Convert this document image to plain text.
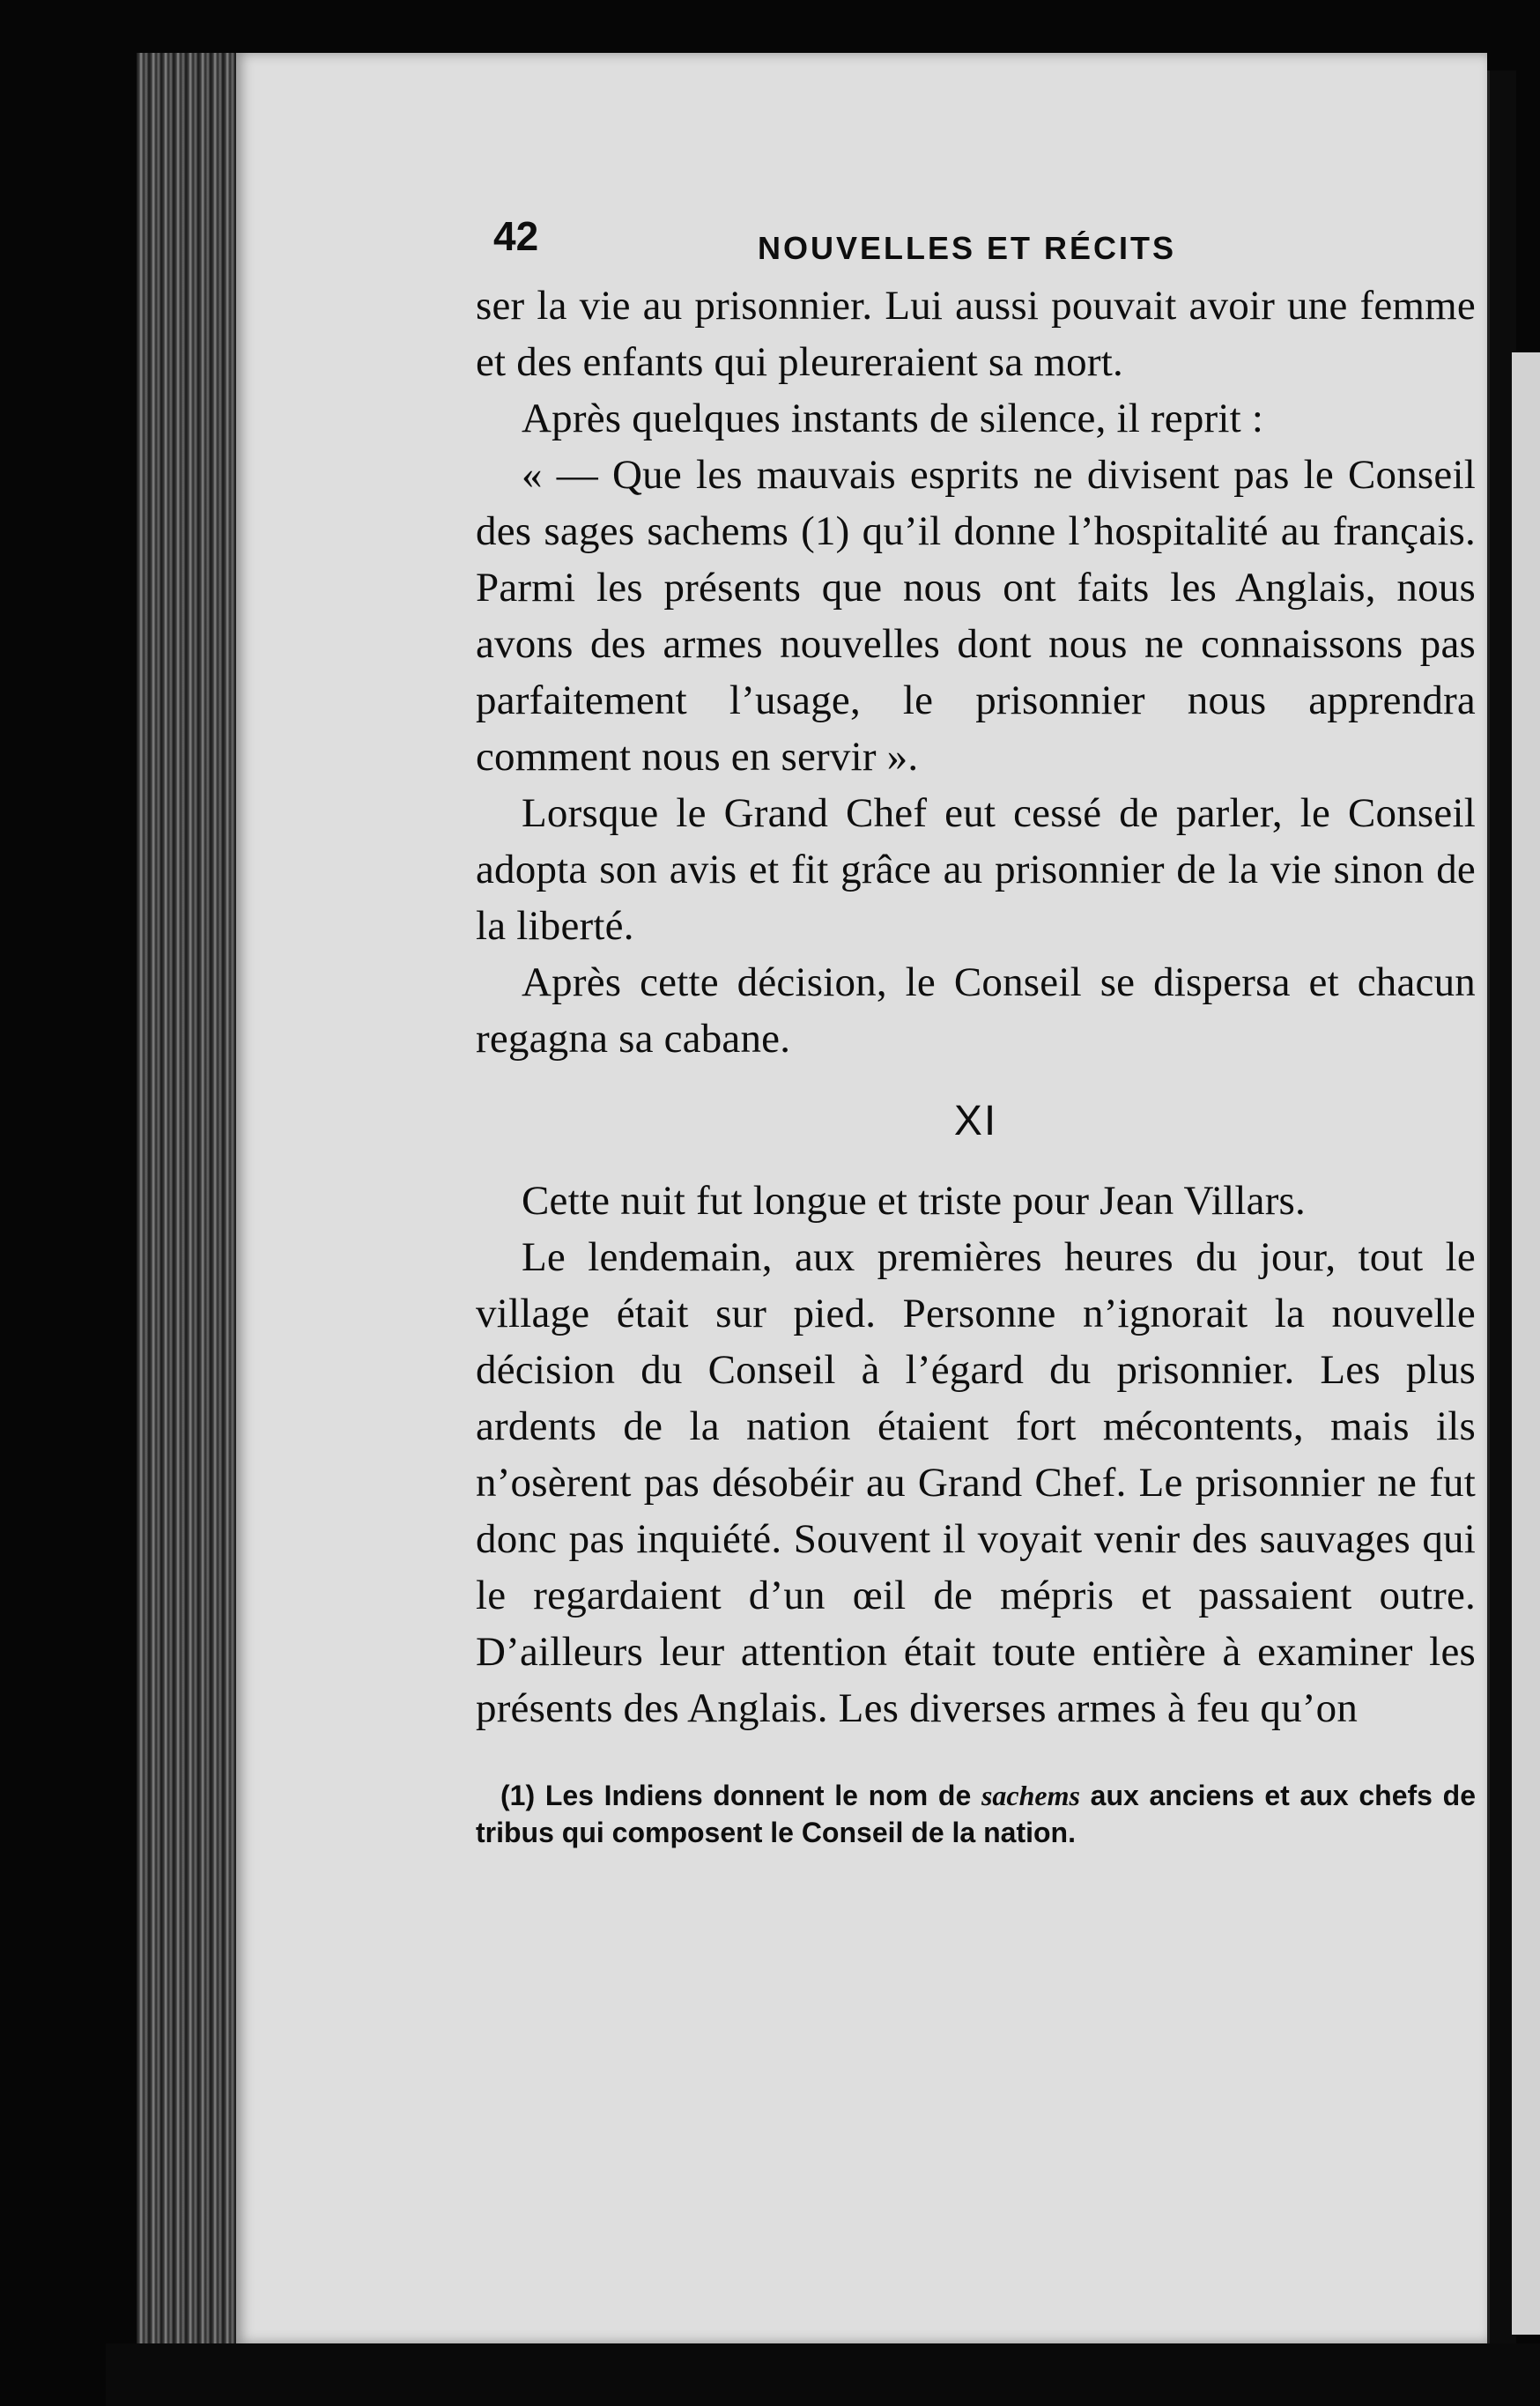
42	NOUVELLES ET RÉCITS

ser la vie au prisonnier. Lui aussi pouvait avoir une femme et des enfants qui pleureraient sa mort.

Après quelques instants de silence, il reprit :

« — Que les mauvais esprits ne divisent pas le Conseil des sages sachems (1) qu’il donne l’hospitalité au français. Parmi les présents que nous ont faits les Anglais, nous avons des armes nouvelles dont nous ne connaissons pas parfaitement l’usage, le prisonnier nous apprendra comment nous en servir ».

Lorsque le Grand Chef eut cessé de parler, le Conseil adopta son avis et fit grâce au prisonnier de la vie sinon de la liberté.

Après cette décision, le Conseil se dispersa et chacun regagna sa cabane.

XI

Cette nuit fut longue et triste pour Jean Villars.

Le lendemain, aux premières heures du jour, tout le village était sur pied. Personne n’ignorait la nouvelle décision du Conseil à l’égard du prisonnier. Les plus ardents de la nation étaient fort mécontents, mais ils n’osèrent pas désobéir au Grand Chef. Le prisonnier ne fut donc pas inquiété. Souvent il voyait venir des sauvages qui le regardaient d’un œil de mépris et passaient outre. D’ailleurs leur attention était toute entière à examiner les présents des Anglais. Les diverses armes à feu qu’on

(1) Les Indiens donnent le nom de sachems aux anciens et aux chefs de tribus qui composent le Conseil de la nation.
